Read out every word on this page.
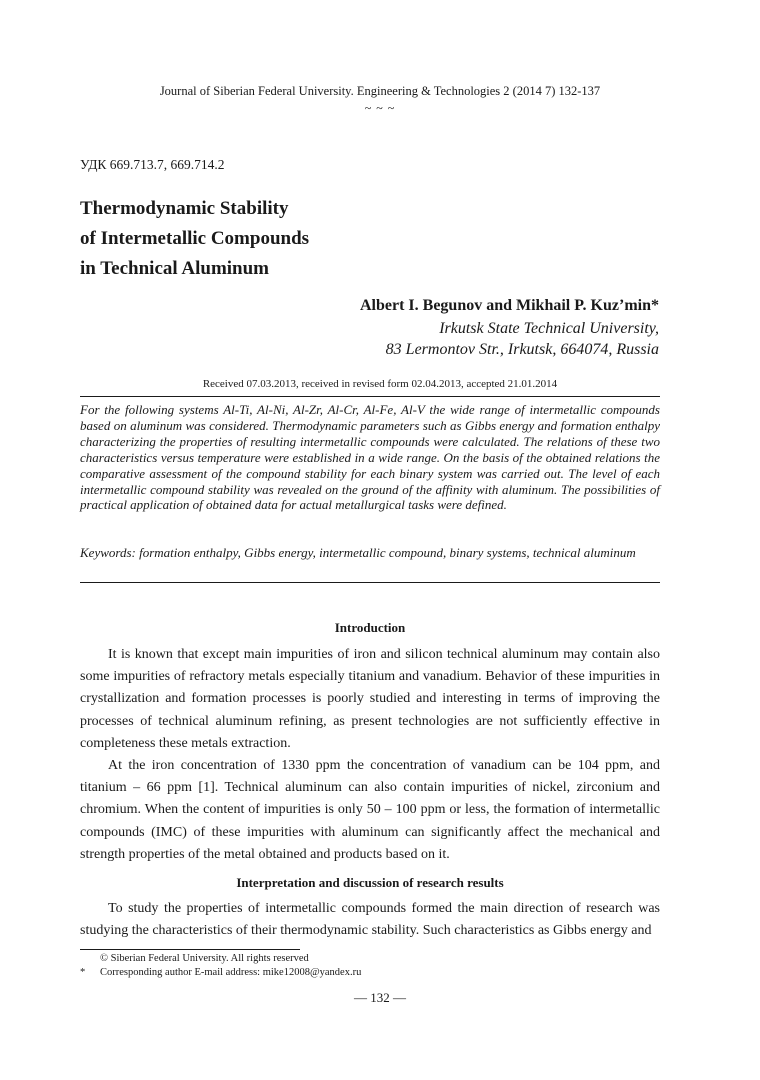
Journal of Siberian Federal University. Engineering & Technologies 2 (2014 7) 132-137
~ ~ ~
УДК 669.713.7, 669.714.2
Thermodynamic Stability
of Intermetallic Compounds
in Technical Aluminum
Albert I. Begunov and Mikhail P. Kuz’min*
Irkutsk State Technical University,
83 Lermontov Str., Irkutsk, 664074, Russia
Received 07.03.2013, received in revised form 02.04.2013, accepted 21.01.2014
For the following systems Al-Ti, Al-Ni, Al-Zr, Al-Cr, Al-Fe, Al-V the wide range of intermetallic compounds based on aluminum was considered. Thermodynamic parameters such as Gibbs energy and formation enthalpy characterizing the properties of resulting intermetallic compounds were calculated. The relations of these two characteristics versus temperature were established in a wide range. On the basis of the obtained relations the comparative assessment of the compound stability for each binary system was carried out. The level of each intermetallic compound stability was revealed on the ground of the affinity with aluminum. The possibilities of practical application of obtained data for actual metallurgical tasks were defined.
Keywords: formation enthalpy, Gibbs energy, intermetallic compound, binary systems, technical aluminum
Introduction

It is known that except main impurities of iron and silicon technical aluminum may contain also some impurities of refractory metals especially titanium and vanadium. Behavior of these impurities in crystallization and formation processes is poorly studied and interesting in terms of improving the processes of technical aluminum refining, as present technologies are not sufficiently effective in completeness these metals extraction.

At the iron concentration of 1330 ppm the concentration of vanadium can be 104 ppm, and titanium – 66 ppm [1]. Technical aluminum can also contain impurities of nickel, zirconium and chromium. When the content of impurities is only 50 – 100 ppm or less, the formation of intermetallic compounds (IMC) of these impurities with aluminum can significantly affect the mechanical and strength properties of the metal obtained and products based on it.

Interpretation and discussion of research results

To study the properties of intermetallic compounds formed the main direction of research was studying the characteristics of their thermodynamic stability. Such characteristics as Gibbs energy and

© Siberian Federal University. All rights reserved
* Corresponding author E-mail address: mike12008@yandex.ru
— 132 —
